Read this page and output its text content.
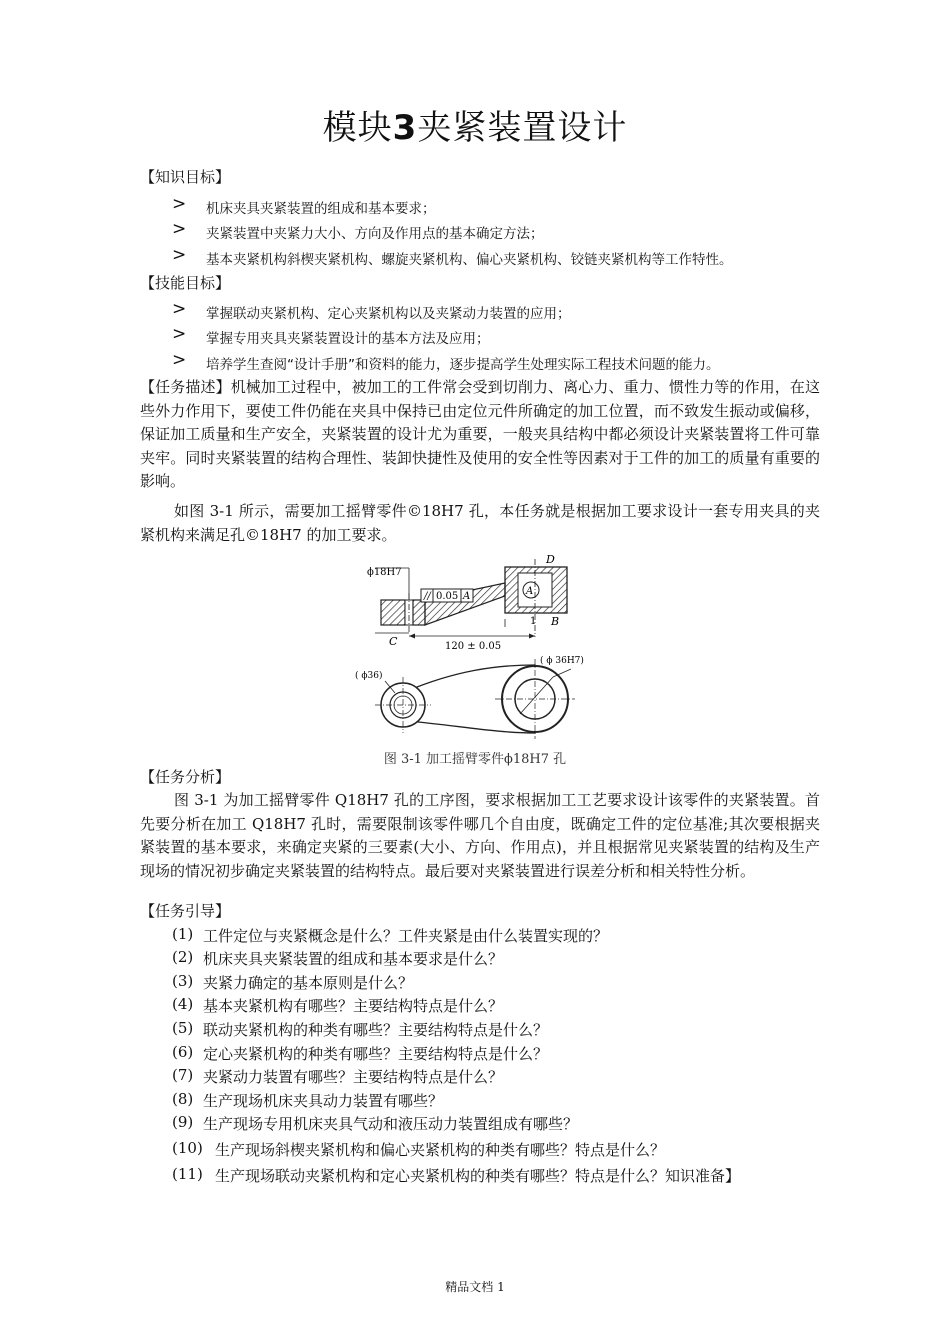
模块3夹紧装置设计
【知识目标】
>	机床夹具夹紧装置的组成和基本要求；
>	夹紧装置中夹紧力大小、方向及作用点的基本确定方法；
>	基本夹紧机构斜楔夹紧机构、螺旋夹紧机构、偏心夹紧机构、铰链夹紧机构等工作特性。
【技能目标】
>	掌握联动夹紧机构、定心夹紧机构以及夹紧动力装置的应用；
>	掌握专用夹具夹紧装置设计的基本方法及应用；
>	培养学生查阅“设计手册”和资料的能力，逐步提高学生处理实际工程技术问题的能力。
【任务描述】机械加工过程中，被加工的工件常会受到切削力、离心力、重力、惯性力等的作用，在这些外力作用下，要使工件仍能在夹具中保持已由定位元件所确定的加工位置，而不致发生振动或偏移，保证加工质量和生产安全，夹紧装置的设计尤为重要，一般夹具结构中都必须设计夹紧装置将工件可靠夹牢。同时夹紧装置的结构合理性、装卸快捷性及使用的安全性等因素对于工件的加工的质量有重要的影响。
如图 3-1 所示，需要加工摇臂零件©18H7 孔，本任务就是根据加工要求设计一套专用夹具的夹紧机构来满足孔©18H7 的加工要求。
ϕ18H7
// 0.05 A	A
D
C
1 B
120 ± 0.05
( ϕ36)
( ϕ 36H7)
图 3-1 加工摇臂零件ϕ18H7 孔
【任务分析】
图 3-1 为加工摇臂零件 Q18H7 孔的工序图，要求根据加工工艺要求设计该零件的夹紧装置。首先要分析在加工 Q18H7 孔时，需要限制该零件哪几个自由度，既确定工件的定位基准;其次要根据夹紧装置的基本要求，来确定夹紧的三要素(大小、方向、作用点)，并且根据常见夹紧装置的结构及生产现场的情况初步确定夹紧装置的结构特点。最后要对夹紧装置进行误差分析和相关特性分析。
【任务引导】
(1) 工件定位与夹紧概念是什么？工件夹紧是由什么装置实现的？
(2) 机床夹具夹紧装置的组成和基本要求是什么？
(3) 夹紧力确定的基本原则是什么？
(4) 基本夹紧机构有哪些？主要结构特点是什么？
(5) 联动夹紧机构的种类有哪些？主要结构特点是什么？
(6) 定心夹紧机构的种类有哪些？主要结构特点是什么？
(7) 夹紧动力装置有哪些？主要结构特点是什么？
(8) 生产现场机床夹具动力装置有哪些？
(9) 生产现场专用机床夹具气动和液压动力装置组成有哪些？
(10) 生产现场斜楔夹紧机构和偏心夹紧机构的种类有哪些？特点是什么？
(11) 生产现场联动夹紧机构和定心夹紧机构的种类有哪些？特点是什么？知识准备】
精品文档 1
